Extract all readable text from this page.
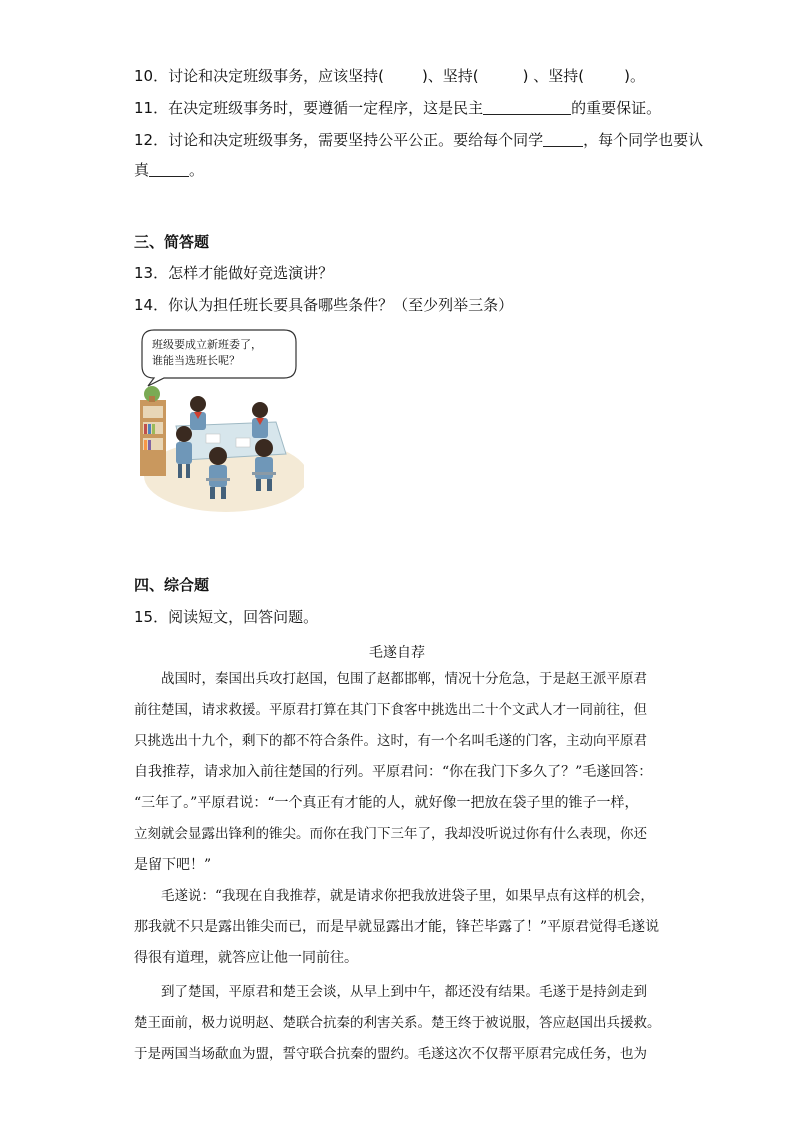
10．讨论和决定班级事务，应该坚持(	)、坚持(	) 、坚持(	)。
11．在决定班级事务时，要遵循一定程序，这是民主	的重要保证。
12．讨论和决定班级事务，需要坚持公平公正。要给每个同学	，每个同学也要认
真	。
三、简答题
13．怎样才能做好竞选演讲？
14．你认为担任班长要具备哪些条件？（至少列举三条）
班级要成立新班委了，
谁能当选班长呢？
四、综合题
15．阅读短文，回答问题。
毛遂自荐
　　战国时，秦国出兵攻打赵国，包围了赵都邯郸，情况十分危急，于是赵王派平原君
前往楚国，请求救援。平原君打算在其门下食客中挑选出二十个文武人才一同前往，但
只挑选出十九个，剩下的都不符合条件。这时，有一个名叫毛遂的门客，主动向平原君
自我推荐，请求加入前往楚国的行列。平原君问：“你在我门下多久了？”毛遂回答：
“三年了。”平原君说：“一个真正有才能的人，就好像一把放在袋子里的锥子一样，
立刻就会显露出锋利的锥尖。而你在我门下三年了，我却没听说过你有什么表现，你还
是留下吧！”
　　毛遂说：“我现在自我推荐，就是请求你把我放进袋子里，如果早点有这样的机会，
那我就不只是露出锥尖而已，而是早就显露出才能，锋芒毕露了！”平原君觉得毛遂说
得很有道理，就答应让他一同前往。
　　到了楚国，平原君和楚王会谈，从早上到中午，都还没有结果。毛遂于是持剑走到
楚王面前，极力说明赵、楚联合抗秦的利害关系。楚王终于被说服，答应赵国出兵援救。
于是两国当场歃血为盟，誓守联合抗秦的盟约。毛遂这次不仅帮平原君完成任务，也为
